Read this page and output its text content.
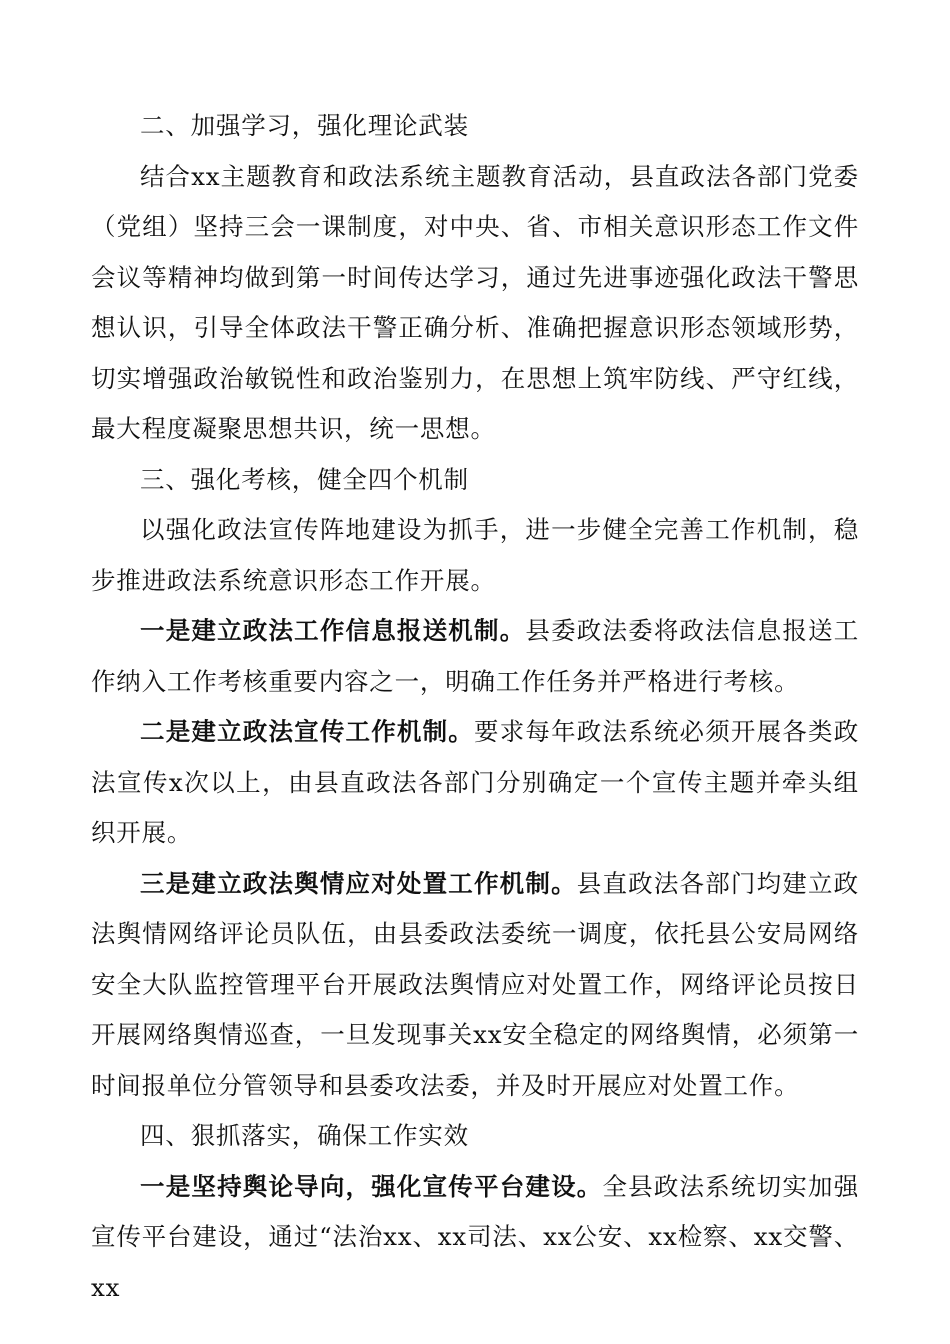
二、加强学习，强化理论武装

结合xx主题教育和政法系统主题教育活动，县直政法各部门党委（党组）坚持三会一课制度，对中央、省、市相关意识形态工作文件会议等精神均做到第一时间传达学习，通过先进事迹强化政法干警思想认识，引导全体政法干警正确分析、准确把握意识形态领域形势，切实增强政治敏锐性和政治鉴别力，在思想上筑牢防线、严守红线，最大程度凝聚思想共识，统一思想。

三、强化考核，健全四个机制

以强化政法宣传阵地建设为抓手，进一步健全完善工作机制，稳步推进政法系统意识形态工作开展。

一是建立政法工作信息报送机制。县委政法委将政法信息报送工作纳入工作考核重要内容之一，明确工作任务并严格进行考核。

二是建立政法宣传工作机制。要求每年政法系统必须开展各类政法宣传x次以上，由县直政法各部门分别确定一个宣传主题并牵头组织开展。

三是建立政法舆情应对处置工作机制。县直政法各部门均建立政法舆情网络评论员队伍，由县委政法委统一调度，依托县公安局网络安全大队监控管理平台开展政法舆情应对处置工作，网络评论员按日开展网络舆情巡查，一旦发现事关xx安全稳定的网络舆情，必须第一时间报单位分管领导和县委攻法委，并及时开展应对处置工作。

四、狠抓落实，确保工作实效

一是坚持舆论导向，强化宣传平台建设。全县政法系统切实加强宣传平台建设，通过“法治xx、xx司法、xx公安、xx检察、xx交警、xx
